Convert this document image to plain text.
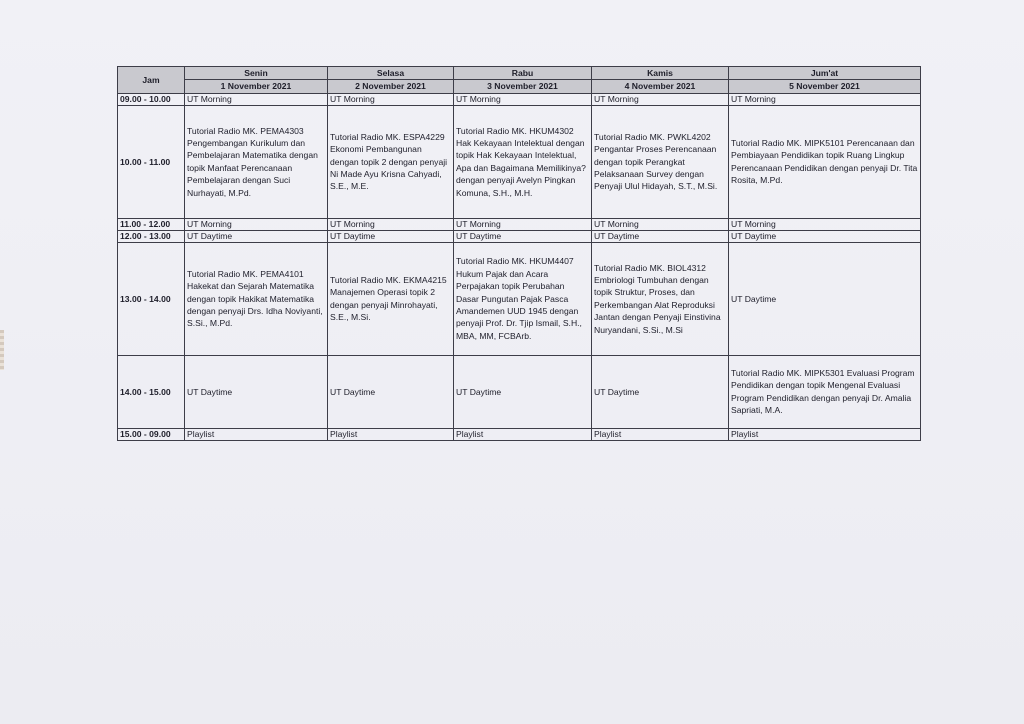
Jam	Senin	Selasa	Rabu	Kamis	Jum'at
	1 November 2021	2 November 2021	3 November 2021	4 November 2021	5 November 2021
09.00 - 10.00	UT Morning	UT Morning	UT Morning	UT Morning	UT Morning
10.00 - 11.00	Tutorial Radio MK. PEMA4303 Pengembangan Kurikulum dan Pembelajaran Matematika dengan topik Manfaat Perencanaan Pembelajaran dengan Suci Nurhayati, M.Pd.	Tutorial Radio MK. ESPA4229 Ekonomi Pembangunan dengan topik 2 dengan penyaji Ni Made Ayu Krisna Cahyadi, S.E., M.E.	Tutorial Radio MK. HKUM4302 Hak Kekayaan Intelektual dengan topik Hak Kekayaan Intelektual, Apa dan Bagaimana Memilikinya? dengan penyaji Avelyn Pingkan Komuna, S.H., M.H.	Tutorial Radio MK. PWKL4202 Pengantar Proses Perencanaan dengan topik Perangkat Pelaksanaan Survey dengan Penyaji Ulul Hidayah, S.T., M.Si.	Tutorial Radio MK. MIPK5101 Perencanaan dan Pembiayaan Pendidikan topik Ruang Lingkup Perencanaan Pendidikan dengan penyaji Dr. Tita Rosita, M.Pd.
11.00 - 12.00	UT Morning	UT Morning	UT Morning	UT Morning	UT Morning
12.00 - 13.00	UT Daytime	UT Daytime	UT Daytime	UT Daytime	UT Daytime
13.00 - 14.00	Tutorial Radio MK. PEMA4101 Hakekat dan Sejarah Matematika dengan topik Hakikat Matematika dengan penyaji Drs. Idha Noviyanti, S.Si., M.Pd.	Tutorial Radio MK. EKMA4215 Manajemen Operasi topik 2 dengan penyaji Minrohayati, S.E., M.Si.	Tutorial Radio MK. HKUM4407 Hukum Pajak dan Acara Perpajakan topik Perubahan Dasar Pungutan Pajak Pasca Amandemen UUD 1945 dengan penyaji Prof. Dr. Tjip Ismail, S.H., MBA, MM, FCBArb.	Tutorial Radio MK. BIOL4312 Embriologi Tumbuhan dengan topik Struktur, Proses, dan Perkembangan Alat Reproduksi Jantan dengan Penyaji Einstivina Nuryandani, S.Si., M.Si	UT Daytime
14.00 - 15.00	UT Daytime	UT Daytime	UT Daytime	UT Daytime	Tutorial Radio MK. MIPK5301 Evaluasi Program Pendidikan dengan topik Mengenal Evaluasi Program Pendidikan dengan penyaji Dr. Amalia Sapriati, M.A.
15.00 - 09.00	Playlist	Playlist	Playlist	Playlist	Playlist
